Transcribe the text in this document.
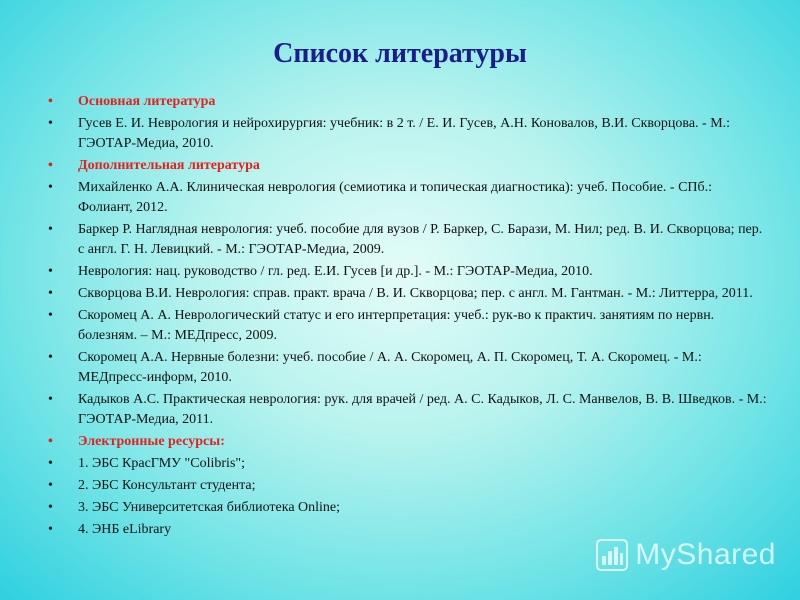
Список литературы
• Основная литература
• Гусев Е. И. Неврология и нейрохирургия: учебник: в 2 т. / Е. И. Гусев, А.Н. Коновалов, В.И. Скворцова. - М.: ГЭОТАР-Медиа, 2010.
• Дополнительная литература
• Михайленко А.А. Клиническая неврология (семиотика и топическая диагностика): учеб. Пособие. - СПб.: Фолиант, 2012.
• Баркер Р. Наглядная неврология: учеб. пособие для вузов / Р. Баркер, С. Барази, М. Нил; ред. В. И. Скворцова; пер. с англ. Г. Н. Левицкий. - М.: ГЭОТАР-Медиа, 2009.
• Неврология: нац. руководство / гл. ред. Е.И. Гусев [и др.]. - М.: ГЭОТАР-Медиа, 2010.
• Скворцова В.И. Неврология: справ. практ. врача / В. И. Скворцова; пер. с англ. М. Гантман. - М.: Литтерра, 2011.
• Скоромец А. А. Неврологический статус и его интерпретация: учеб.: рук-во к практич. занятиям по нервн. болезням. – М.: МЕДпресс, 2009.
• Скоромец А.А. Нервные болезни: учеб. пособие / А. А. Скоромец, А. П. Скоромец, Т. А. Скоромец. - М.: МЕДпресс-информ, 2010.
• Кадыков А.С. Практическая неврология: рук. для врачей / ред. А. С. Кадыков, Л. С. Манвелов, В. В. Шведков. - М.: ГЭОТАР-Медиа, 2011.
• Электронные ресурсы:
• 1. ЭБС КрасГМУ "Colibris";
• 2. ЭБС Консультант студента;
• 3. ЭБС Университетская библиотека Online;
• 4. ЭНБ eLibrary
MyShared
